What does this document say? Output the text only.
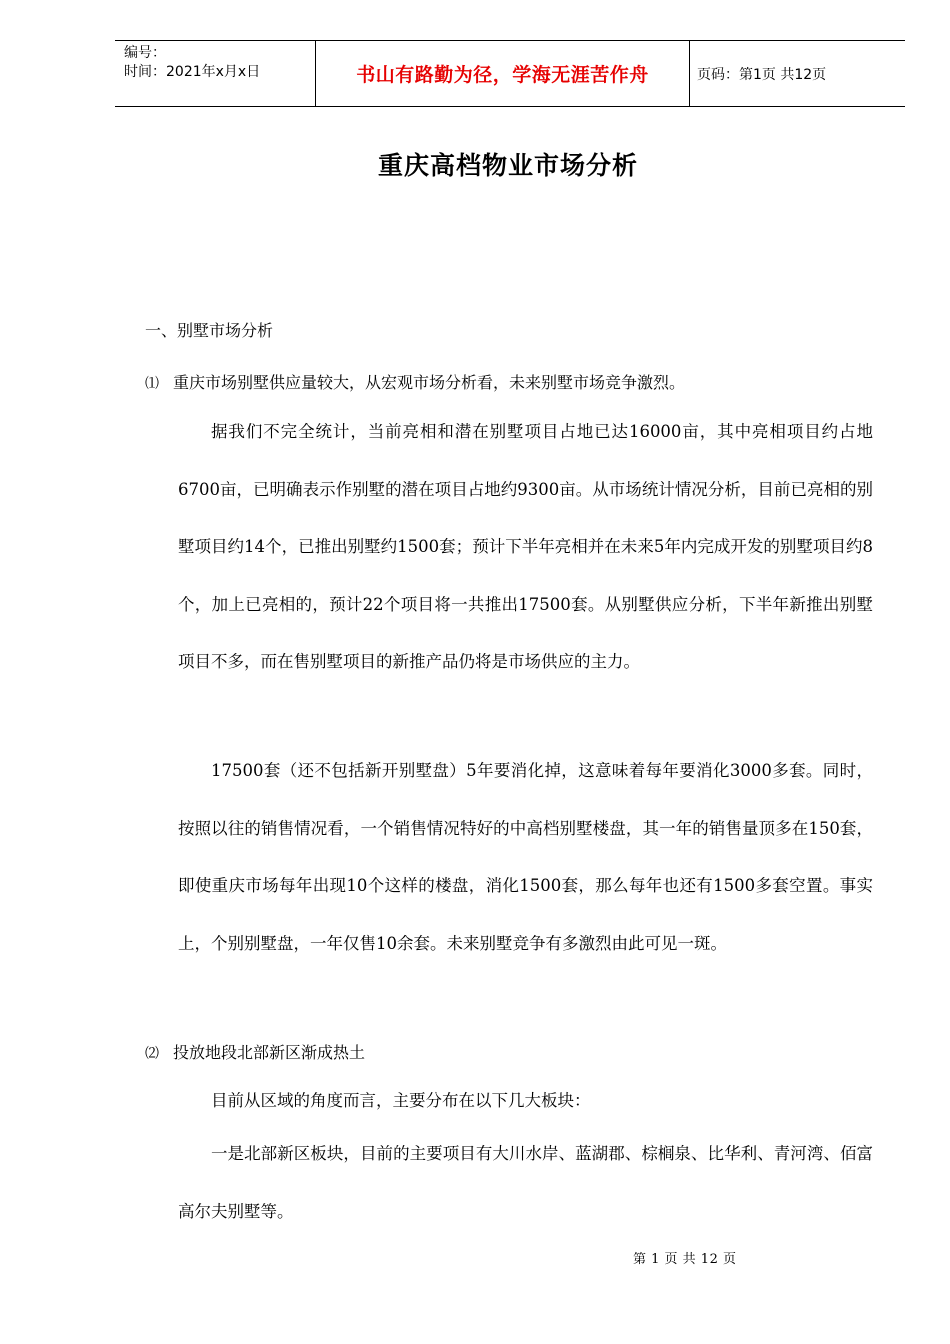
编号：
时间：2021年x月x日	书山有路勤为径，学海无涯苦作舟	页码：第1页 共12页
重庆高档物业市场分析
一、别墅市场分析
⑴ 重庆市场别墅供应量较大，从宏观市场分析看，未来别墅市场竞争激烈。

据我们不完全统计，当前亮相和潜在别墅项目占地已达16000亩，其中亮相项目约占地6700亩，已明确表示作别墅的潜在项目占地约9300亩。从市场统计情况分析，目前已亮相的别墅项目约14个，已推出别墅约1500套；预计下半年亮相并在未来5年内完成开发的别墅项目约8个，加上已亮相的，预计22个项目将一共推出17500套。从别墅供应分析，下半年新推出别墅项目不多，而在售别墅项目的新推产品仍将是市场供应的主力。

17500套（还不包括新开别墅盘）5年要消化掉，这意味着每年要消化3000多套。同时，按照以往的销售情况看，一个销售情况特好的中高档别墅楼盘，其一年的销售量顶多在150套，即使重庆市场每年出现10个这样的楼盘，消化1500套，那么每年也还有1500多套空置。事实上，个别别墅盘，一年仅售10余套。未来别墅竞争有多激烈由此可见一斑。

⑵ 投放地段北部新区渐成热土

目前从区域的角度而言，主要分布在以下几大板块：

一是北部新区板块，目前的主要项目有大川水岸、蓝湖郡、棕榈泉、比华利、青河湾、佰富高尔夫别墅等。

第 1 页 共 12 页
